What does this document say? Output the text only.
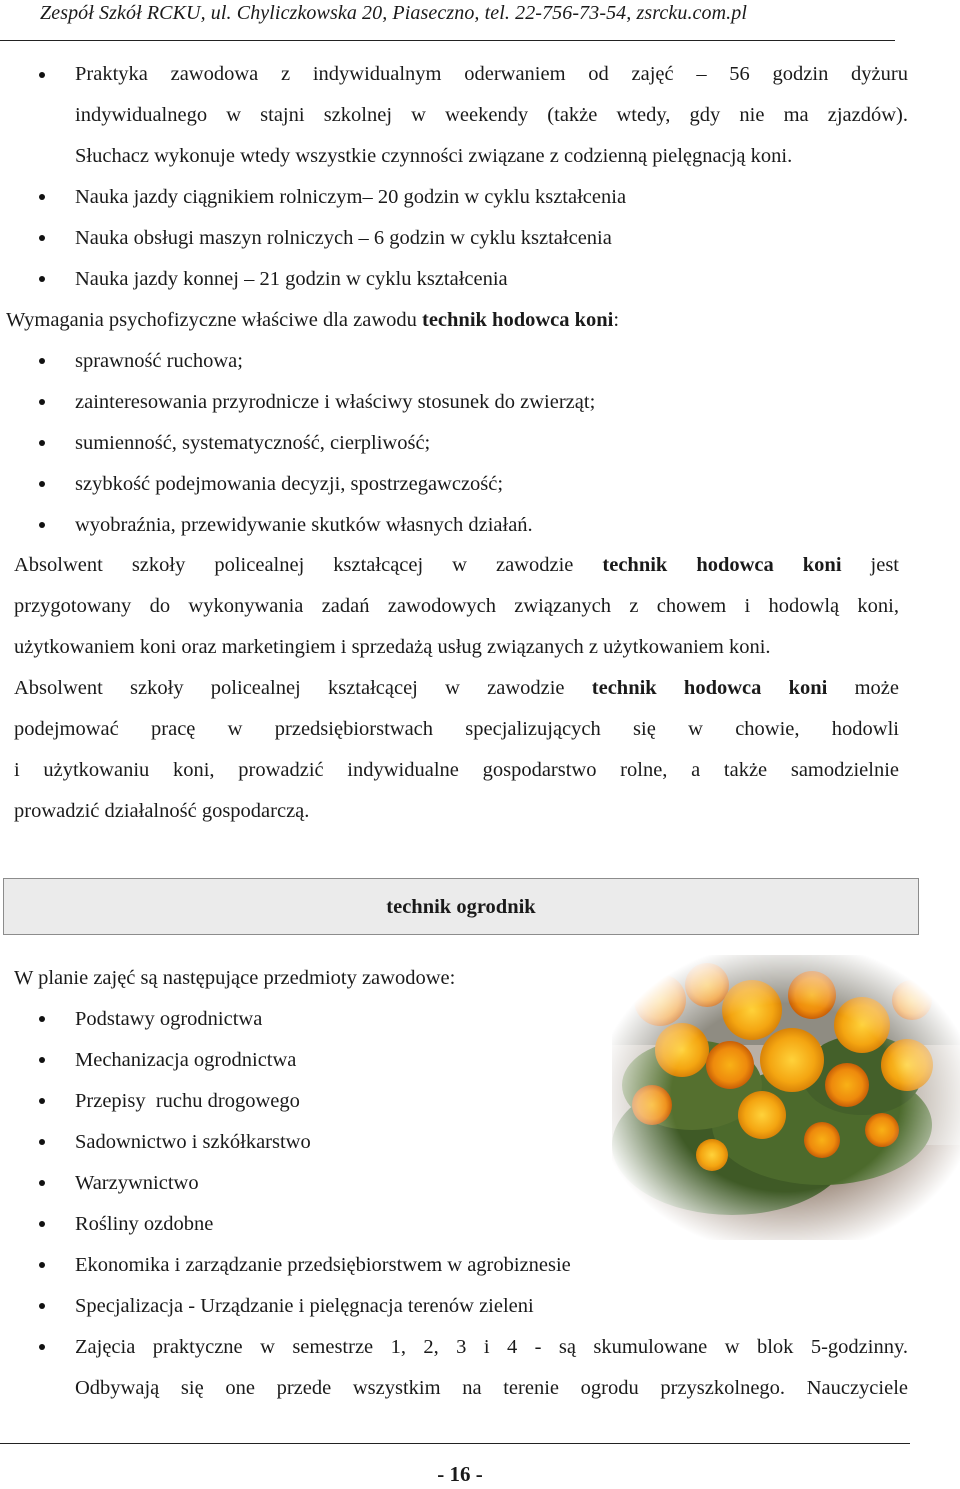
Zespół Szkół RCKU, ul. Chyliczkowska 20, Piaseczno, tel. 22-756-73-54, zsrcku.com.pl
Praktyka zawodowa z indywidualnym oderwaniem od zajęć – 56 godzin dyżuru
indywidualnego w stajni szkolnej w weekendy (także wtedy, gdy nie ma zjazdów).
Słuchacz wykonuje wtedy wszystkie czynności związane z codzienną pielęgnacją koni.
Nauka jazdy ciągnikiem rolniczym– 20 godzin w cyklu kształcenia
Nauka obsługi maszyn rolniczych – 6 godzin w cyklu kształcenia
Nauka jazdy konnej – 21 godzin w cyklu kształcenia
Wymagania psychofizyczne właściwe dla zawodu technik hodowca koni:
sprawność ruchowa;
zainteresowania przyrodnicze i właściwy stosunek do zwierząt;
sumienność, systematyczność, cierpliwość;
szybkość podejmowania decyzji, spostrzegawczość;
wyobraźnia, przewidywanie skutków własnych działań.
Absolwent szkoły policealnej kształcącej w zawodzie technik hodowca koni jest
przygotowany do wykonywania zadań zawodowych związanych z chowem i hodowlą koni,
użytkowaniem koni oraz marketingiem i sprzedażą usług związanych z użytkowaniem koni.
Absolwent szkoły policealnej kształcącej w zawodzie technik hodowca koni może
podejmować pracę w przedsiębiorstwach specjalizujących się w chowie, hodowli
i użytkowaniu koni, prowadzić indywidualne gospodarstwo rolne, a także samodzielnie
prowadzić działalność gospodarczą.
technik ogrodnik
W planie zajęć są następujące przedmioty zawodowe:
Podstawy ogrodnictwa
Mechanizacja ogrodnictwa
Przepisy  ruchu drogowego
Sadownictwo i szkółkarstwo
Warzywnictwo
Rośliny ozdobne
Ekonomika i zarządzanie przedsiębiorstwem w agrobiznesie
Specjalizacja - Urządzanie i pielęgnacja terenów zieleni
Zajęcia praktyczne w semestrze 1, 2, 3 i 4 - są skumulowane w blok 5-godzinny.
Odbywają się one przede wszystkim na terenie ogrodu przyszkolnego. Nauczyciele
- 16 -
